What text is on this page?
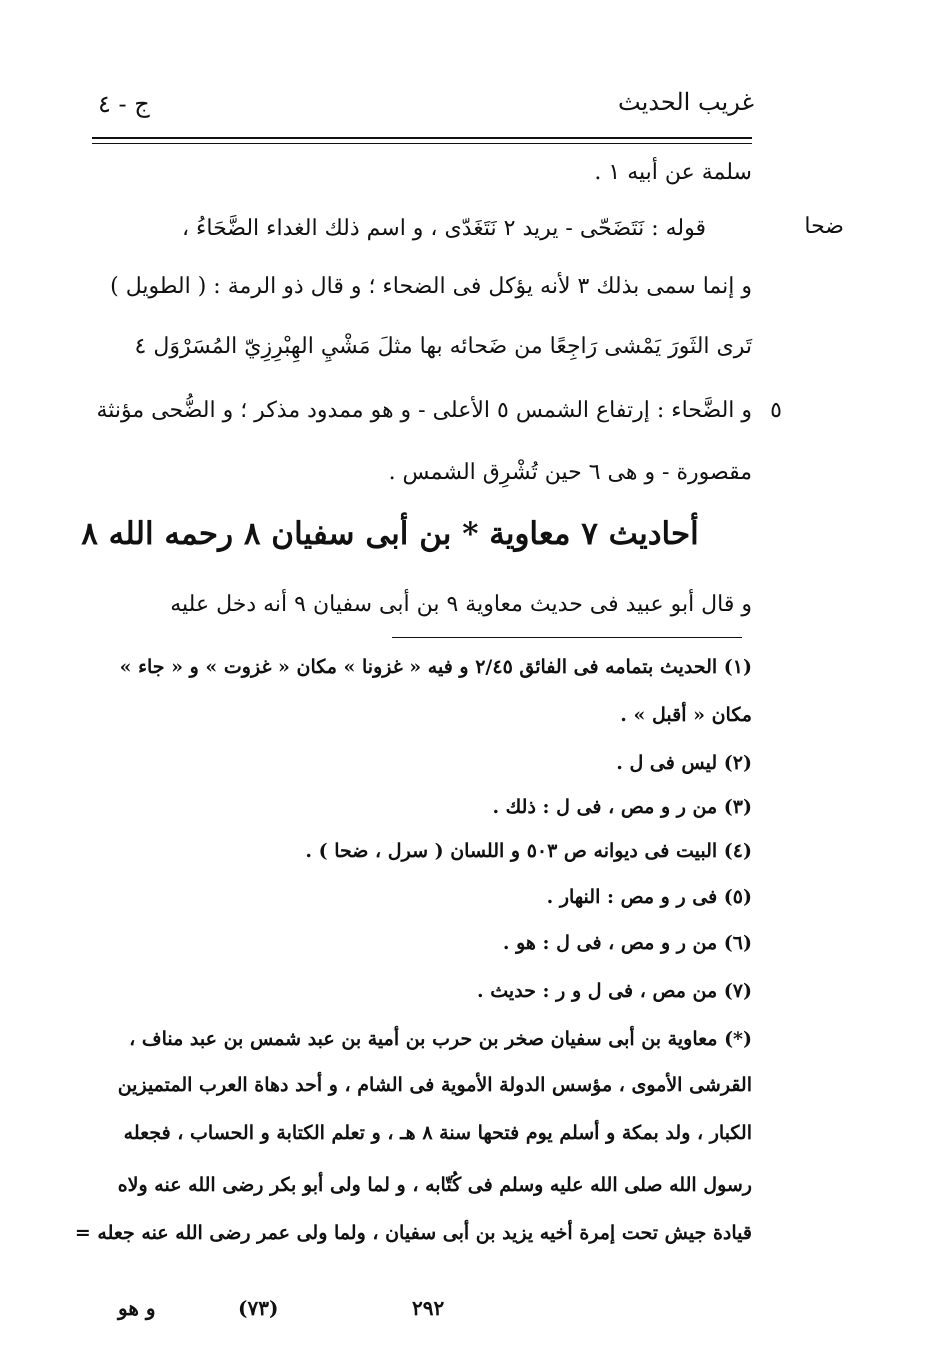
غريب الحديث
ج - ٤
ضحا
٥
سلمة عن أبيه ١ .
قوله : نَتَضَحّى - يريد ٢ نَتَغَدّى ، و اسم ذلك الغداء الضَّحَاءُ ،
و إنما سمى بذلك ٣ لأنه يؤكل فى الضحاء ؛ و قال ذو الرمة : ( الطويل )
تَرى الثَورَ يَمْشى رَاجِعًا من ضَحائه بها مثلَ مَشْيِ الهِبْرِزِيّ المُسَرْوَل ٤
و الضَّحاء : إرتفاع الشمس ٥ الأعلى - و هو ممدود مذكر ؛ و الضُّحى مؤنثة
مقصورة - و هى ٦ حين تُشْرِق الشمس .
أحاديث ٧ معاوية * بن أبى سفيان ٨ رحمه الله ٨
و قال أبو عبيد فى حديث معاوية ٩ بن أبى سفيان ٩ أنه دخل عليه
(١) الحديث بتمامه فى الفائق ٢/٤٥ و فيه « غزونا » مكان « غزوت » و « جاء »
مكان « أقبل » .
(٢) ليس فى ل .
(٣) من ر و مص ، فى ل : ذلك .
(٤) البيت فى ديوانه ص ٥٠٣ و اللسان ( سرل ، ضحا ) .
(٥) فى ر و مص : النهار .
(٦) من ر و مص ، فى ل : هو .
(٧) من مص ، فى ل و ر : حديث .
(*) معاوية بن أبى سفيان صخر بن حرب بن أمية بن عبد شمس بن عبد مناف ،
القرشى الأموى ، مؤسس الدولة الأموية فى الشام ، و أحد دهاة العرب المتميزين
الكبار ، ولد بمكة و أسلم يوم فتحها سنة ٨ هـ ، و تعلم الكتابة و الحساب ، فجعله
رسول الله صلى الله عليه وسلم فى كُتّابه ، و لما ولى أبو بكر رضى الله عنه ولاه
قيادة جيش تحت إمرة أخيه يزيد بن أبى سفيان ، ولما ولى عمر رضى الله عنه جعله =
٢٩٢
(٧٣)
و هو
